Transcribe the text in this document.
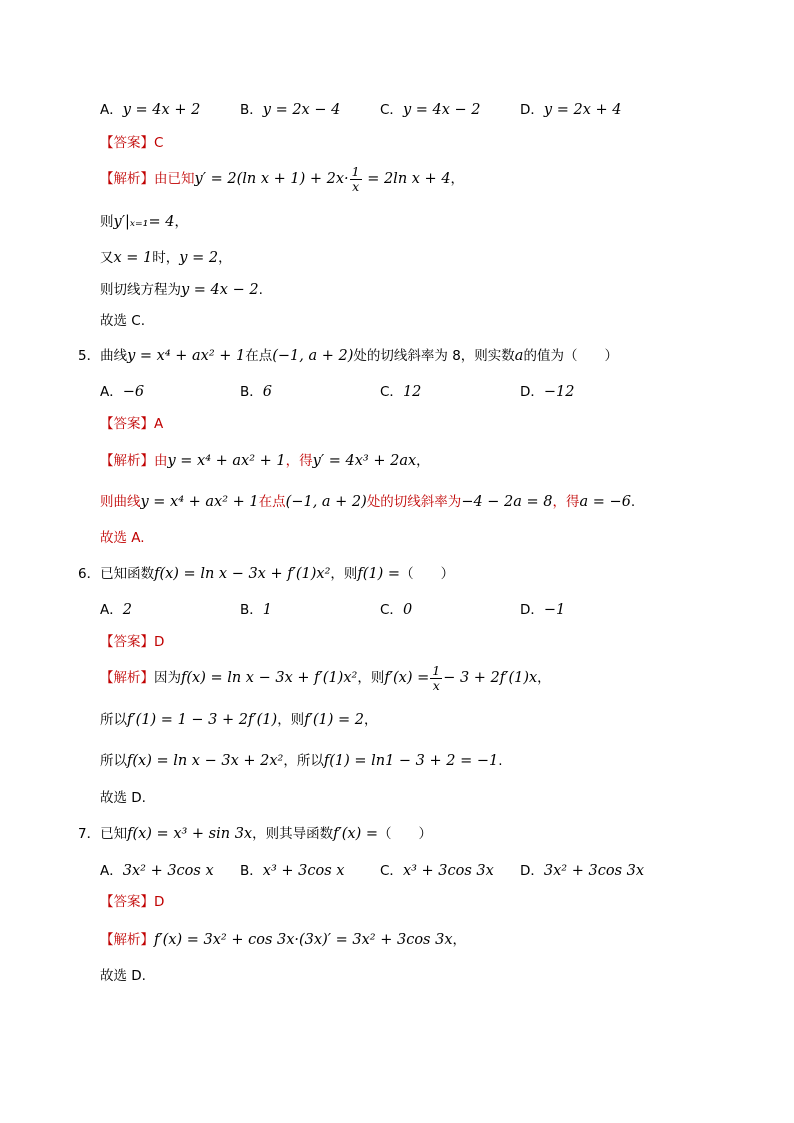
A．y = 4x + 2	B．y = 2x − 4	C．y = 4x − 2	D．y = 2x + 4
【答案】C
【解析】由已知y′ = 2(ln $x + 1) + 2x\cdot \frac{1}{x} = 2\ln$ x + 4，
则y′|ₓ₌₁= 4，
又x = 1时，y = 2，
则切线方程为y = 4x − 2.
故选 C.
5．曲线y = x⁴ + ax² + 1在点(−1, a + 2)处的切线斜率为 8，则实数a的值为（　　）
A．−6	B．6	C．12	D．−12
【答案】A
【解析】由y = x⁴ + ax² + 1，得y′ = 4x³ + 2ax，
则曲线y = x⁴ + ax² + 1在点(−1, a + 2)处的切线斜率为−4 − 2a = 8，得a = −6.
故选 A.
6．已知函数f(x) = ln x − 3x + f′(1)x²，则f(1) =（　　）
A．2	B．1	C．0	D．−1
【答案】D
【解析】因为f(x) = ln x − 3x + f′(1)x²，则$f'(x) = \frac{1}{x} - 3 + 2f'(1)x$，
所以f′(1) = 1 − 3 + 2f′(1)，则f′(1) = 2，
所以f(x) = ln x − 3x + 2x²，所以f(1) = ln1 − 3 + 2 = −1.
故选 D.
7．已知f(x) = x³ + sin 3x，则其导函数f′(x) =（　　）
A．3x² + 3cos x B．x³ + 3cos x	C．x³ + 3cos 3x D．3x² + 3cos 3x
【答案】D
【解析】f′(x) = 3x² + cos 3x·(3x)′ = 3x² + 3cos 3x，
故选 D.
